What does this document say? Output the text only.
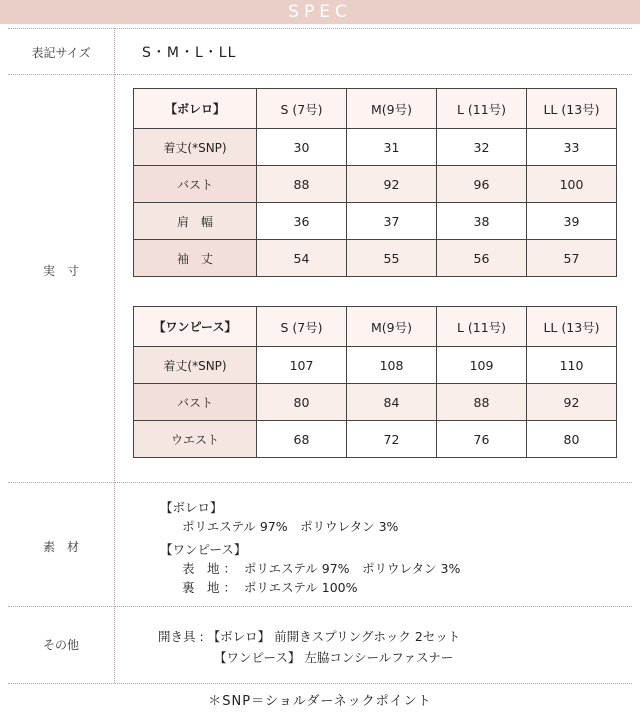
SPEC
表記サイズ	S・M・L・LL
実　寸
【ボレロ】	S (7号)	M(9号)	L (11号)	LL (13号)
着丈(*SNP)	30	31	32	33
バスト	88	92	96	100
肩　幅	36	37	38	39
袖　丈	54	55	56	57
【ワンピース】	S (7号)	M(9号)	L (11号)	LL (13号)
着丈(*SNP)	107	108	109	110
バスト	80	84	88	92
ウエスト	68	72	76	80
素　材
【ボレロ】
ポリエステル 97%　ポリウレタン 3%
【ワンピース】
表　地 ：  ポリエステル 97%　ポリウレタン 3%
裏　地 ：  ポリエステル 100%
その他
開き具 : 【ボレロ】 前開きスプリングホック 2セット
【ワンピース】 左脇コンシールファスナー
＊SNP＝ショルダーネックポイント
